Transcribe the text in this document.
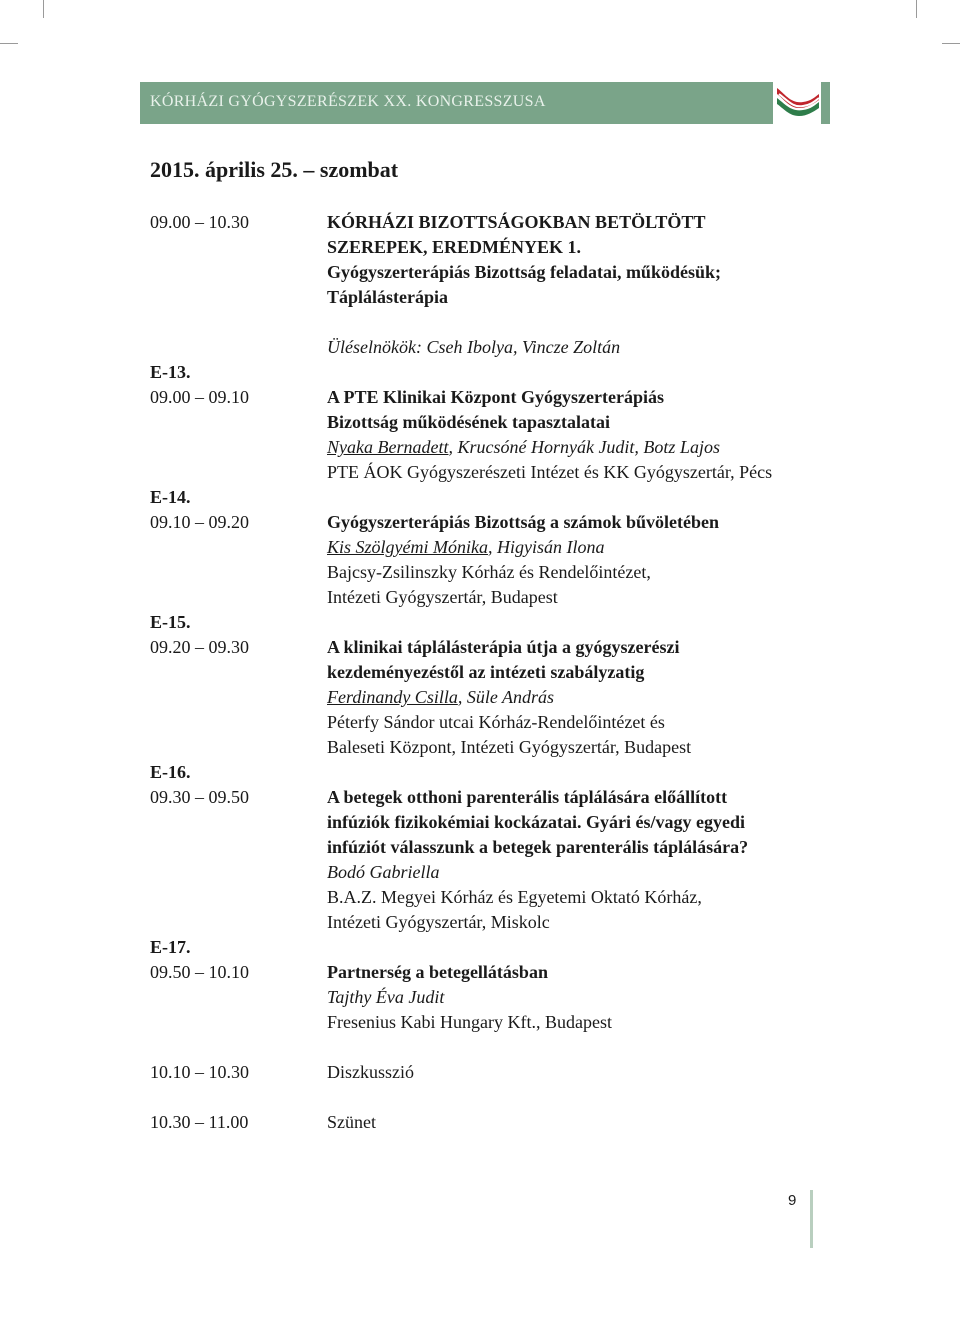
KÓRHÁZI GYÓGYSZERÉSZEK XX. KONGRESSZUSA
2015. április 25. – szombat
09.00 – 10.30	KÓRHÁZI BIZOTTSÁGOKBAN BETÖLTÖTT
SZEREPEK, EREDMÉNYEK 1.
Gyógyszerterápiás Bizottság feladatai, működésük;
Táplálásterápia
Üléselnökök: Cseh Ibolya, Vincze Zoltán
E-13.
09.00 – 09.10	A PTE Klinikai Központ Gyógyszerterápiás
Bizottság működésének tapasztalatai
Nyaka Bernadett, Krucsóné Hornyák Judit, Botz Lajos
PTE ÁOK Gyógyszerészeti Intézet és KK Gyógyszertár, Pécs
E-14.
09.10 – 09.20	Gyógyszerterápiás Bizottság a számok bűvöletében
Kis Szölgyémi Mónika, Higyisán Ilona
Bajcsy-Zsilinszky Kórház és Rendelőintézet,
Intézeti Gyógyszertár, Budapest
E-15.
09.20 – 09.30	A klinikai táplálásterápia útja a gyógyszerészi
kezdeményezéstől az intézeti szabályzatig
Ferdinandy Csilla, Süle András
Péterfy Sándor utcai Kórház-Rendelőintézet és
Baleseti Központ, Intézeti Gyógyszertár, Budapest
E-16.
09.30 – 09.50	A betegek otthoni parenterális táplálására előállított
infúziók fizikokémiai kockázatai. Gyári és/vagy egyedi
infúziót válasszunk a betegek parenterális táplálására?
Bodó Gabriella
B.A.Z. Megyei Kórház és Egyetemi Oktató Kórház,
Intézeti Gyógyszertár, Miskolc
E-17.
09.50 – 10.10	Partnerség a betegellátásban
Tajthy Éva Judit
Fresenius Kabi Hungary Kft., Budapest
10.10 – 10.30	Diszkusszió
10.30 – 11.00	Szünet
9
